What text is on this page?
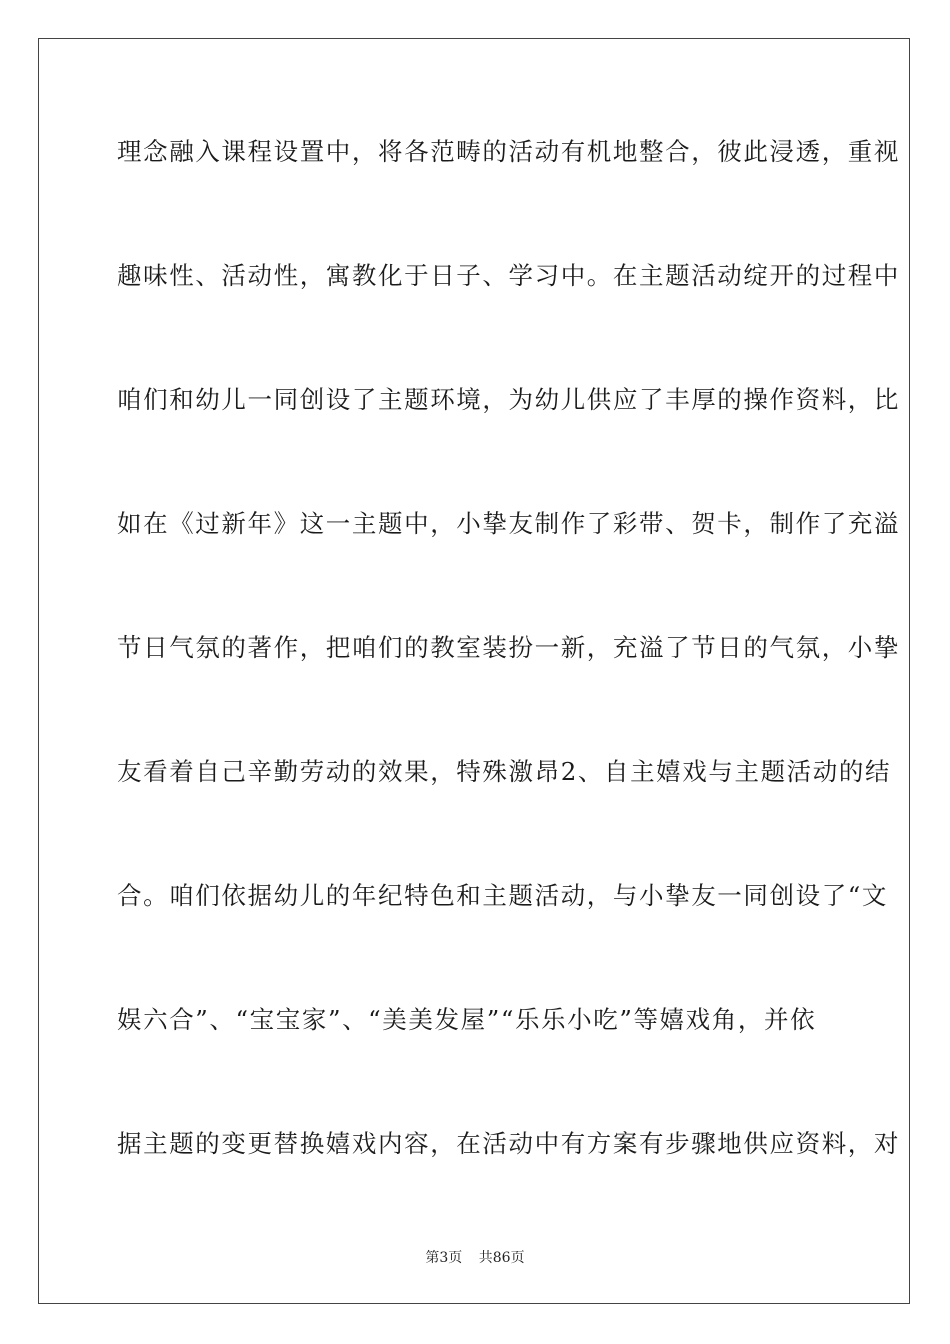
理念融入课程设置中，将各范畴的活动有机地整合，彼此浸透，重视
趣味性、活动性，寓教化于日子、学习中。在主题活动绽开的过程中
咱们和幼儿一同创设了主题环境，为幼儿供应了丰厚的操作资料，比
如在《过新年》这一主题中，小挚友制作了彩带、贺卡，制作了充溢
节日气氛的著作，把咱们的教室装扮一新，充溢了节日的气氛，小挚
友看着自己辛勤劳动的效果，特殊激昂2、自主嬉戏与主题活动的结
合。咱们依据幼儿的年纪特色和主题活动，与小挚友一同创设了“文
娱六合”、“宝宝家”、“美美发屋”“乐乐小吃”等嬉戏角，并依
据主题的变更替换嬉戏内容，在活动中有方案有步骤地供应资料，对
第3页 共86页
